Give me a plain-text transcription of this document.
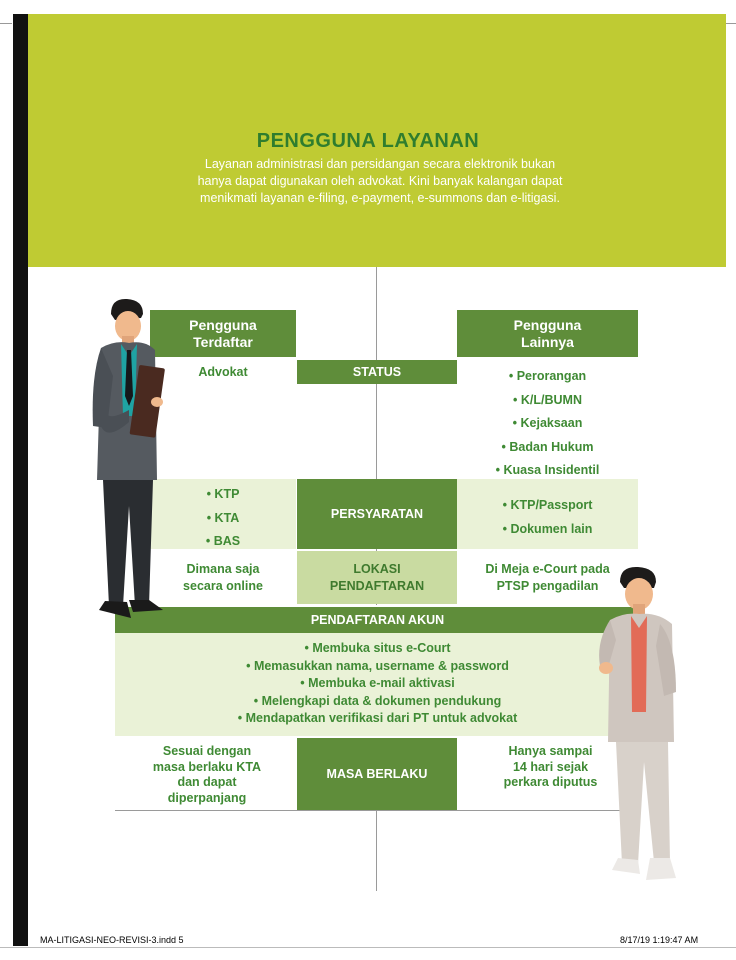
PENGGUNA LAYANAN
Layanan administrasi dan persidangan secara elektronik bukan
hanya dapat digunakan oleh advokat. Kini banyak kalangan dapat
menikmati layanan e-filing, e-payment, e-summons dan e-litigasi.
Pengguna
Terdaftar
Pengguna
Lainnya
STATUS
Advokat
•	Perorangan
• K/L/BUMN
• Kejaksaan
• Badan Hukum
• Kuasa Insidentil
PERSYARATAN
• KTP
• KTA
• BAS
• KTP/Passport
• Dokumen lain
LOKASI
PENDAFTARAN
Dimana saja
secara online
Di Meja e-Court pada
PTSP pengadilan
PENDAFTARAN AKUN
• Membuka situs e-Court
• Memasukkan nama, username & password
• Membuka e-mail aktivasi
• Melengkapi data & dokumen pendukung
• Mendapatkan verifikasi dari PT untuk advokat
MASA BERLAKU
Sesuai dengan
masa berlaku KTA
dan dapat
diperpanjang
Hanya sampai
14 hari sejak
perkara diputus
MA-LITIGASI-NEO-REVISI-3.indd 5	8/17/19 1:19:47 AM
